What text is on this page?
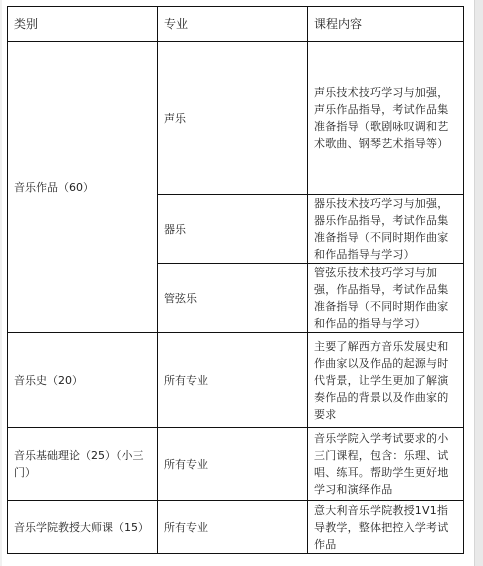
类别	专业	课程内容
音乐作品（60）	声乐	声乐技术技巧学习与加强，声乐作品指导，考试作品集准备指导（歌剧咏叹调和艺术歌曲、钢琴艺术指导等）
	器乐	器乐技术技巧学习与加强，器乐作品指导，考试作品集准备指导（不同时期作曲家和作品指导与学习）
	管弦乐	管弦乐技术技巧学习与加强，作品指导，考试作品集准备指导（不同时期作曲家和作品的指导与学习）
音乐史（20）	所有专业	主要了解西方音乐发展史和作曲家以及作品的起源与时代背景，让学生更加了解演奏作品的背景以及作曲家的要求
音乐基础理论（25）（小三门）	所有专业	音乐学院入学考试要求的小三门课程，包含：乐理、试唱、练耳。帮助学生更好地学习和演绎作品
音乐学院教授大师课（15）	所有专业	意大利音乐学院教授1V1指导教学，整体把控入学考试作品
